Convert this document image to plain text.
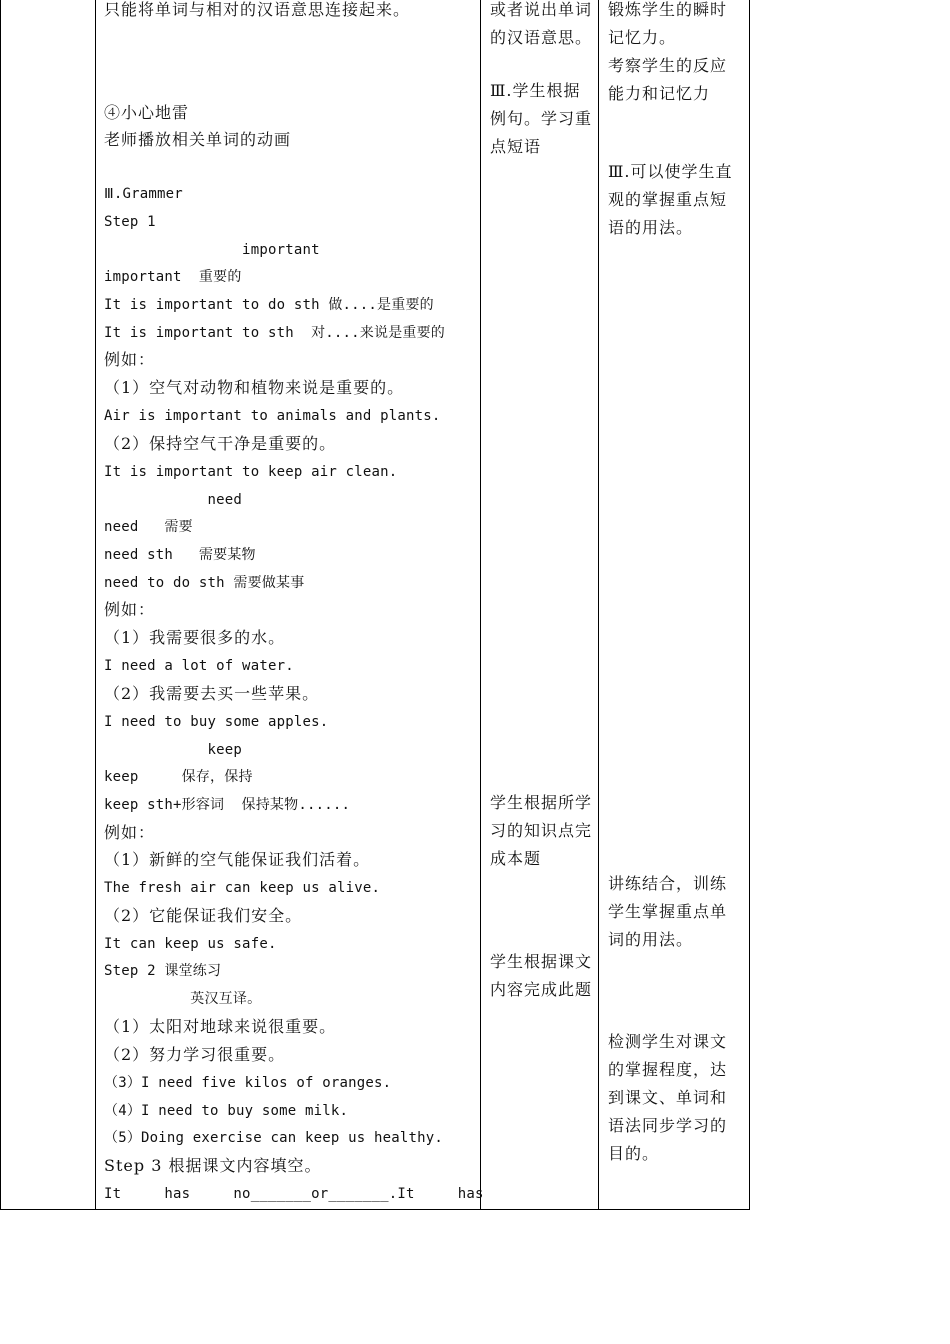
只能将单词与相对的汉语意思连接起来。
④小心地雷
老师播放相关单词的动画
Ⅲ.Grammer
Step 1
important
important  重要的
It is important to do sth 做....是重要的
It is important to sth  对....来说是重要的
例如：
（1）空气对动物和植物来说是重要的。
Air is important to animals and plants.
（2）保持空气干净是重要的。
It is important to keep air clean.
need
need   需要
need sth   需要某物
need to do sth 需要做某事
例如：
（1）我需要很多的水。
I need a lot of water.
（2）我需要去买一些苹果。
I need to buy some apples.
keep
keep     保存，保持
keep sth+形容词  保持某物......
例如：
（1）新鲜的空气能保证我们活着。
The fresh air can keep us alive.
（2）它能保证我们安全。
It can keep us safe.
Step 2 课堂练习
英汉互译。
（1）太阳对地球来说很重要。
（2）努力学习很重要。
（3）I need five kilos of oranges.
（4）I need to buy some milk.
（5）Doing exercise can keep us healthy.
Step 3 根据课文内容填空。
It     has     no_______or_______.It     has
或者说出单词
的汉语意思。
Ⅲ.学生根据
例句。学习重
点短语
学生根据所学
习的知识点完
成本题
学生根据课文
内容完成此题
锻炼学生的瞬时
记忆力。
考察学生的反应
能力和记忆力
Ⅲ.可以使学生直
观的掌握重点短
语的用法。
讲练结合，训练
学生掌握重点单
词的用法。
检测学生对课文
的掌握程度，达
到课文、单词和
语法同步学习的
目的。
